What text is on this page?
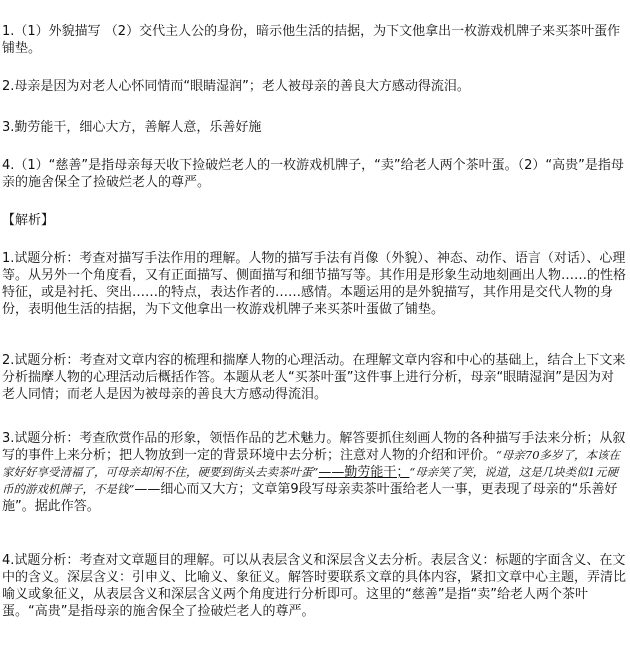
1.（1）外貌描写 （2）交代主人公的身份，暗示他生活的拮据，为下文他拿出一枚游戏机牌子来买茶叶蛋作铺垫。

2.母亲是因为对老人心怀同情而“眼睛湿润”；老人被母亲的善良大方感动得流泪。

3.勤劳能干，细心大方，善解人意，乐善好施

4.（1）“慈善”是指母亲每天收下捡破烂老人的一枚游戏机牌子，“卖”给老人两个茶叶蛋。（2）“高贵”是指母亲的施舍保全了捡破烂老人的尊严。

【解析】

1.试题分析：考查对描写手法作用的理解。人物的描写手法有肖像（外貌）、神态、动作、语言（对话）、心理等。从另外一个角度看，又有正面描写、侧面描写和细节描写等。其作用是形象生动地刻画出人物……的性格特征，或是衬托、突出……的特点，表达作者的……感情。本题运用的是外貌描写，其作用是交代人物的身份，表明他生活的拮据，为下文他拿出一枚游戏机牌子来买茶叶蛋做了铺垫。

2.试题分析：考查对文章内容的梳理和揣摩人物的心理活动。在理解文章内容和中心的基础上，结合上下文来分析揣摩人物的心理活动后概括作答。本题从老人“买茶叶蛋”这件事上进行分析，母亲“眼睛湿润”是因为对老人同情；而老人是因为被母亲的善良大方感动得流泪。

3.试题分析：考查欣赏作品的形象，领悟作品的艺术魅力。解答要抓住刻画人物的各种描写手法来分析；从叙写的事件上来分析；把人物放到一定的背景环境中去分析；注意对人物的介绍和评价。“母亲70多岁了，本该在家好好享受清福了，可母亲却闲不住，硬要到街头去卖茶叶蛋”——勤劳能干；“母亲笑了笑，说道，这是几块类似1元硬币的游戏机牌子，不是钱”——细心而又大方；文章第9段写母亲卖茶叶蛋给老人一事，更表现了母亲的“乐善好施”。据此作答。

4.试题分析：考查对文章题目的理解。可以从表层含义和深层含义去分析。表层含义：标题的字面含义、在文中的含义。深层含义：引申义、比喻义、象征义。解答时要联系文章的具体内容，紧扣文章中心主题，弄清比喻义或象征义，从表层含义和深层含义两个角度进行分析即可。这里的“慈善”是指“卖”给老人两个茶叶蛋。“高贵”是指母亲的施舍保全了捡破烂老人的尊严。
